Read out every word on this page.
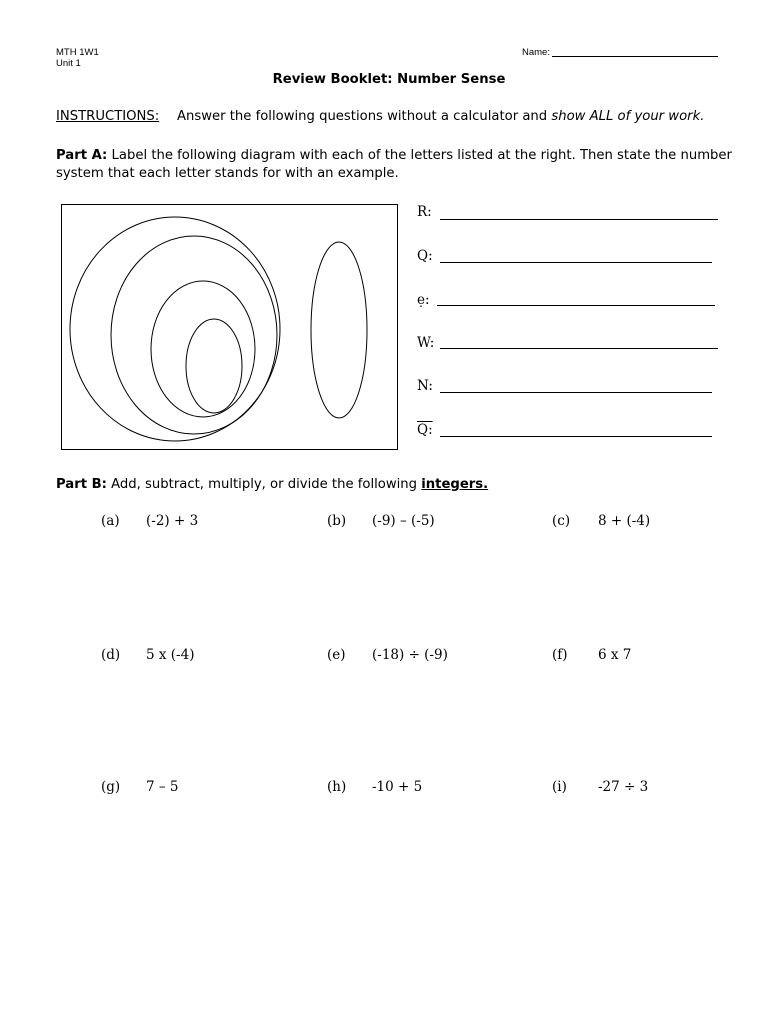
MTH 1W1
Unit 1
Name:
Review Booklet: Number Sense
INSTRUCTIONS: Answer the following questions without a calculator and show ALL of your work.
Part A: Label the following diagram with each of the letters listed at the right. Then state the number
system that each letter stands for with an example.
R:
Q:
ẹ:
W:
N:
Q:
Part B: Add, subtract, multiply, or divide the following integers.
(a) (-2) + 3	(b) (-9) – (-5)	(c) 8 + (-4)
(d) 5 x (-4)	(e) (-18) ÷ (-9)	(f) 6 x 7
(g) 7 – 5	(h) -10 + 5	(i) -27 ÷ 3
